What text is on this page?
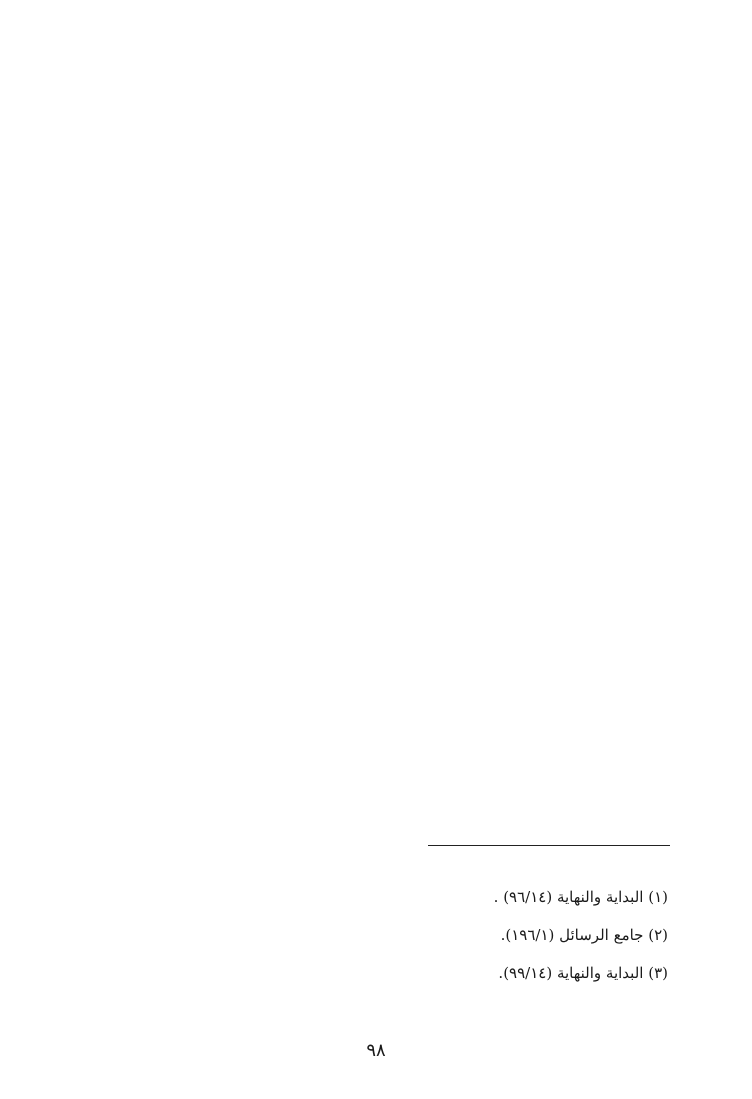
(١) البداية والنهاية (٩٦/١٤) .
(٢) جامع الرسائل (١٩٦/١).
(٣) البداية والنهاية (٩٩/١٤).
٩٨
